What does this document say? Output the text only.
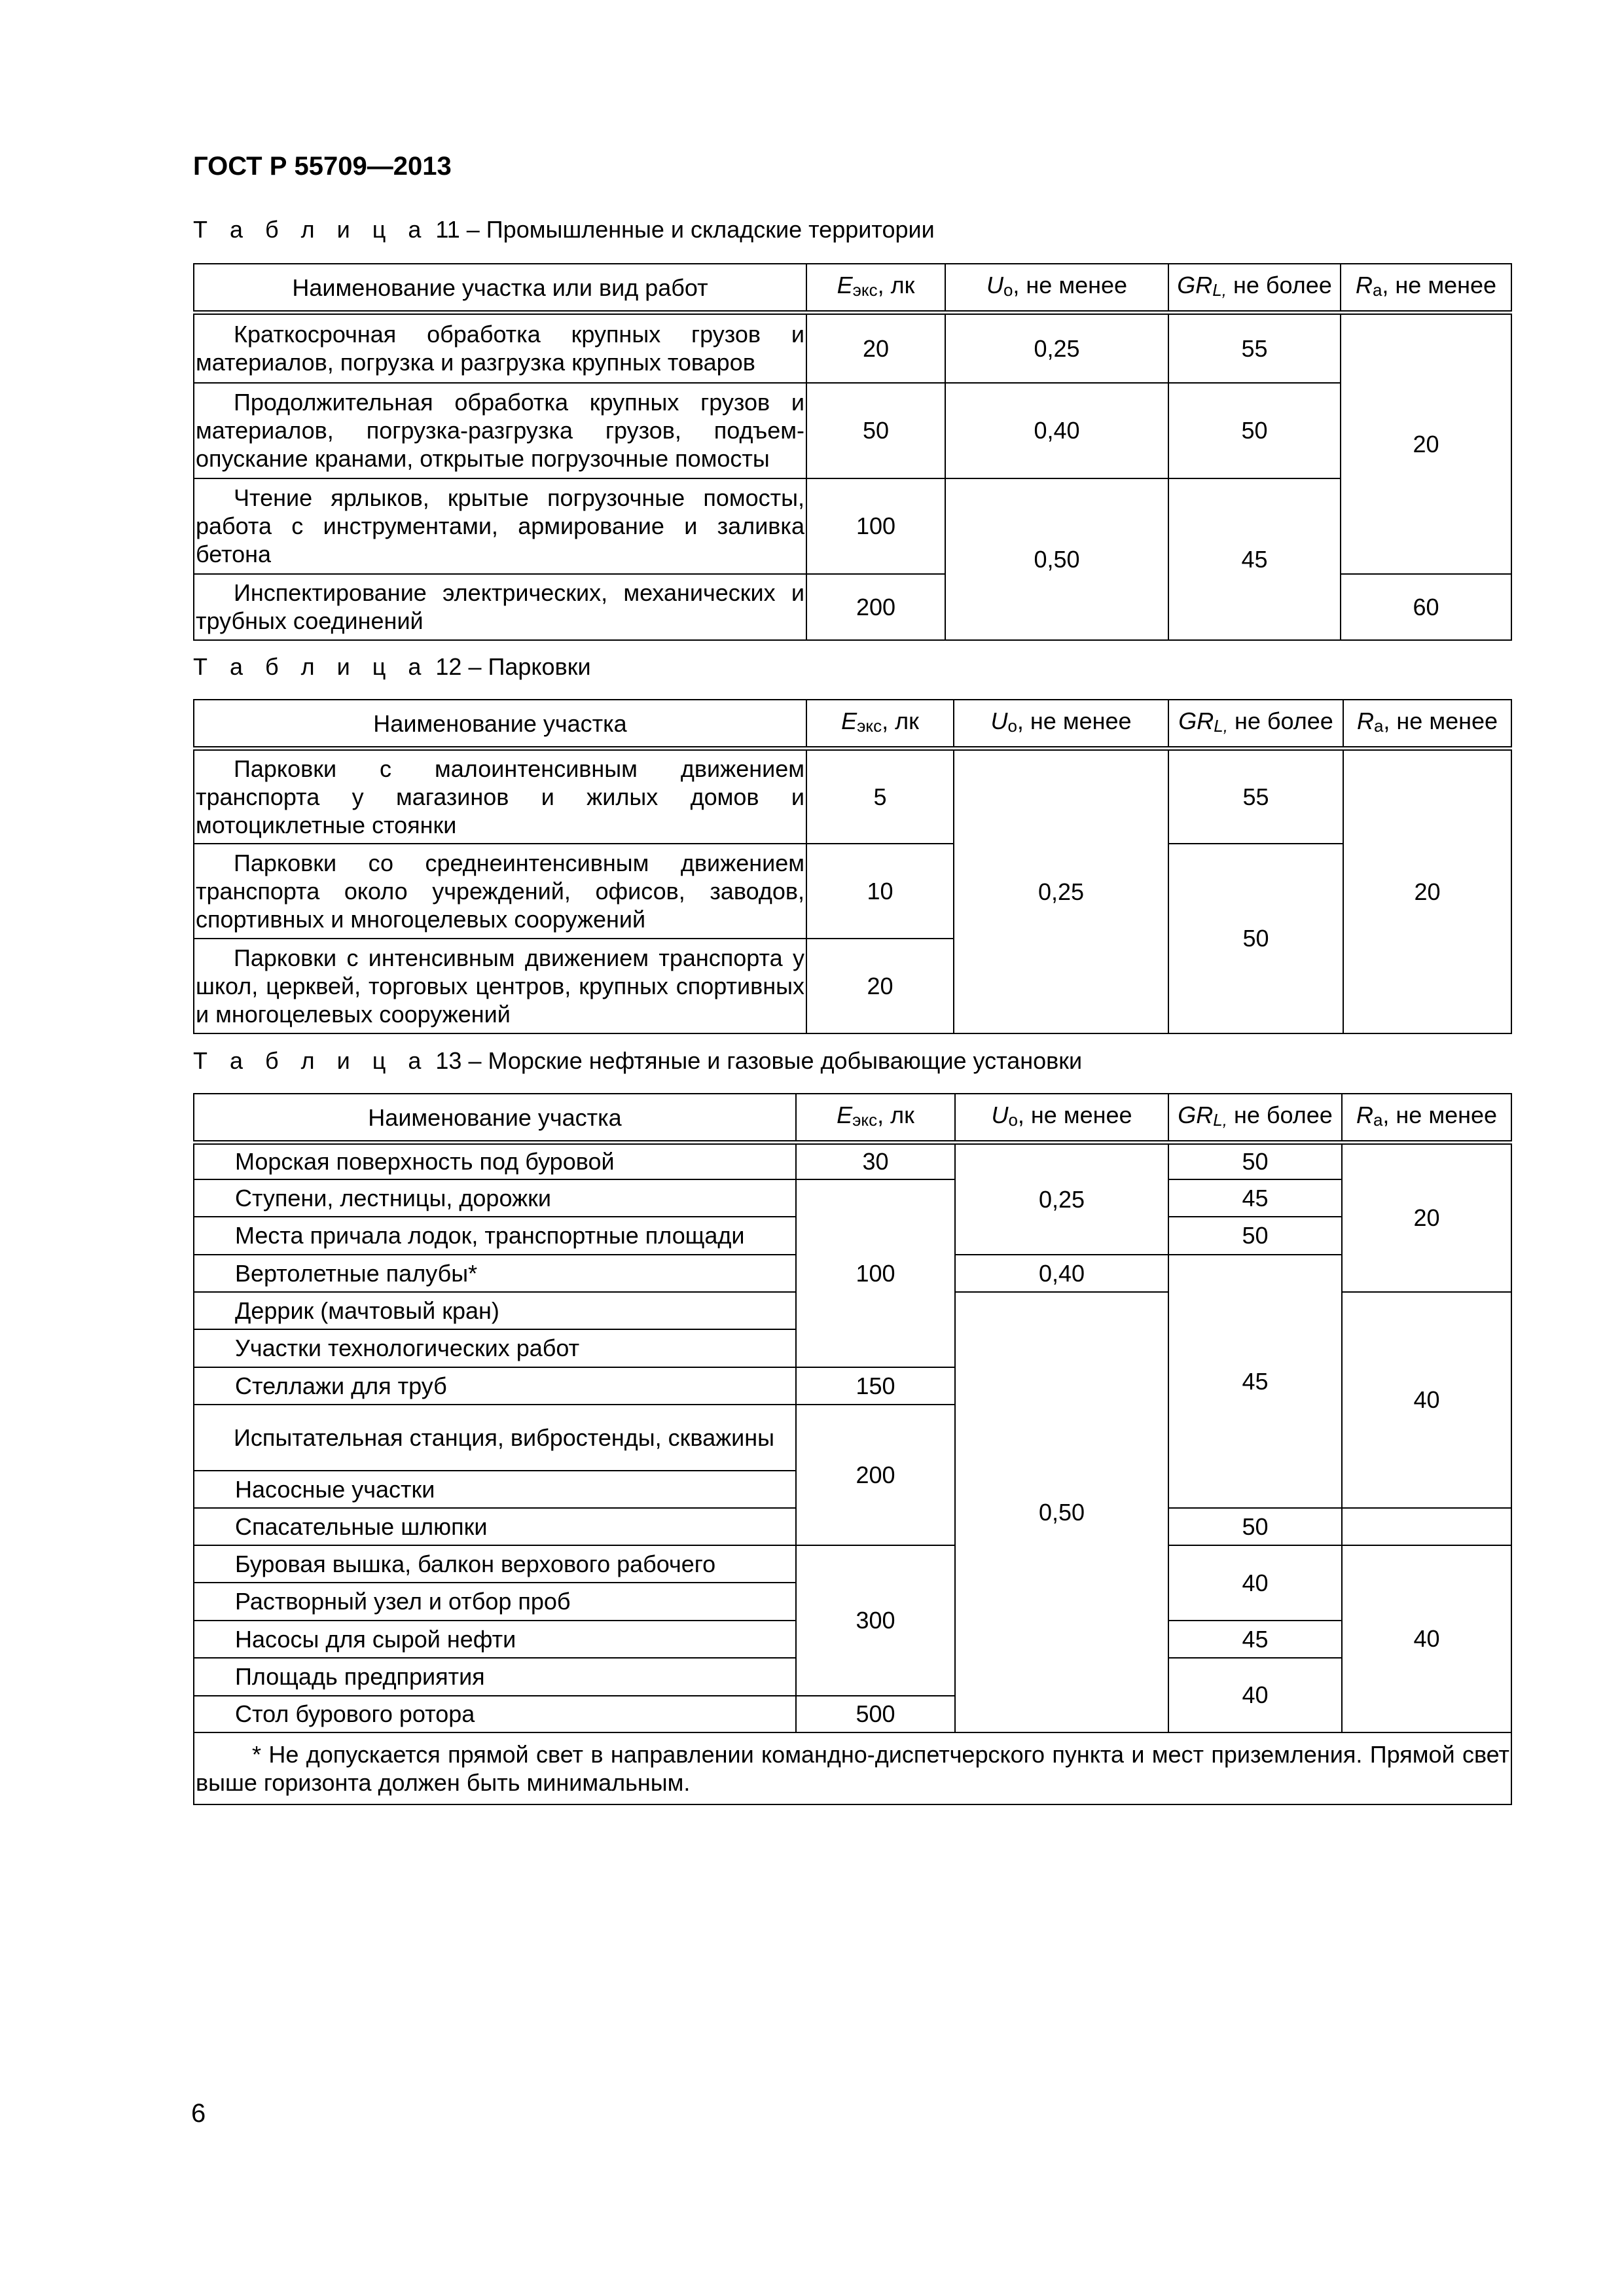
ГОСТ Р 55709—2013
Т а б л и ц а 11 – Промышленные и складские территории
Наименование участка или вид работ	$E_{экс}$, лк	$U_o$, не менее	$GR_{L,}$ не более	$R_a$, не менее

Краткосрочная обработка крупных грузов и материалов, погрузка и разгрузка крупных товаров	20	0,25	55	20

Продолжительная обработка крупных грузов и материалов, погрузка-разгрузка грузов, подъем-опускание кранами, открытые погрузочные помосты	50	0,40	50	

Чтение ярлыков, крытые погрузочные помосты, работа с инструментами, армирование и заливка бетона	100	0,50	45	

Инспектирование электрических, механических и трубных соединений	200			60
Т а б л и ц а 12 – Парковки
Наименование участка	$E_{экс}$, лк	$U_o$, не менее	$GR_{L,}$ не более	$R_a$, не менее

Парковки с малоинтенсивным движением транспорта у магазинов и жилых домов и мотоциклетные стоянки	5	0,25	55	20

Парковки со среднеинтенсивным движением транспорта около учреждений, офисов, заводов, спортивных и многоцелевых сооружений	10		50	

Парковки с интенсивным движением транспорта у школ, церквей, торговых центров, крупных спортивных и многоцелевых сооружений	20			
Т а б л и ц а 13 – Морские нефтяные и газовые добывающие установки
Наименование участка	$E_{экс}$, лк	$U_o$, не менее	$GR_{L,}$ не более	$R_a$, не менее	

Морская поверхность под буровой	30	0,25	50	20	

Ступени, лестницы, дорожки	100		45		

Места причала лодок, транспортные площади			50		

Вертолетные палубы*		0,40	45		

Деррик (мачтовый кран)		0,50		40	

Участки технологических работ					

Стеллажи для труб	150				

Испытательная станция, вибростенды, скважины	200				

Насосные участки

Спасательные шлюпки			50		

Буровая вышка, балкон верхового рабочего	300		40	40	

Растворный узел и отбор проб					

Насосы для сырой нефти			45		

Площадь предприятия			40		

Стол бурового ротора	500				

* Не допускается прямой свет в направлении командно-диспетчерского пункта и мест приземления. Прямой свет выше горизонта должен быть минимальным.					
6
